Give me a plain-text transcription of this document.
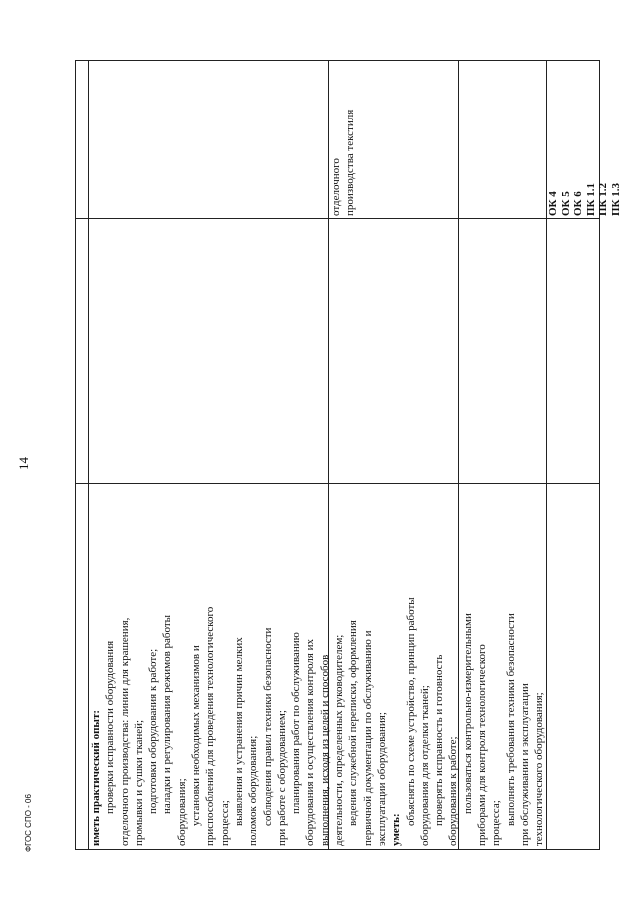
14
ФГОС СПО - 06	иметь практический опыт: проверки исправности оборудования отделочного производства: линии для крашения, промывки и сушки тканей; подготовки оборудования к работе; наладки и регулирования режимов работы оборудования; установки необходимых механизмов и приспособлений для проведения технологического процесса; выявления и устранения причин мелких поломок оборудования; соблюдения правил техники безопасности при работе с оборудованием; планирования работ по обслуживанию оборудования и осуществления контроля их выполнения, исходя из целей и способов деятельности, определенных руководителем; ведения служебной переписки, оформления первичной документации по обслуживанию и эксплуатации оборудования; уметь:

объяснять по схеме устройство, принцип работы оборудования для отделки тканей; проверять исправность и готовность оборудования к работе; пользоваться контрольно-измерительными приборами для контроля технологического процесса; выполнять требования техники безопасности при обслуживании и эксплуатации технологического оборудования;

отделочного производства текстиля	ОК 4 ОК 5 ОК 6 ПК 1.1 ПК 1.2 ПК 1.3
